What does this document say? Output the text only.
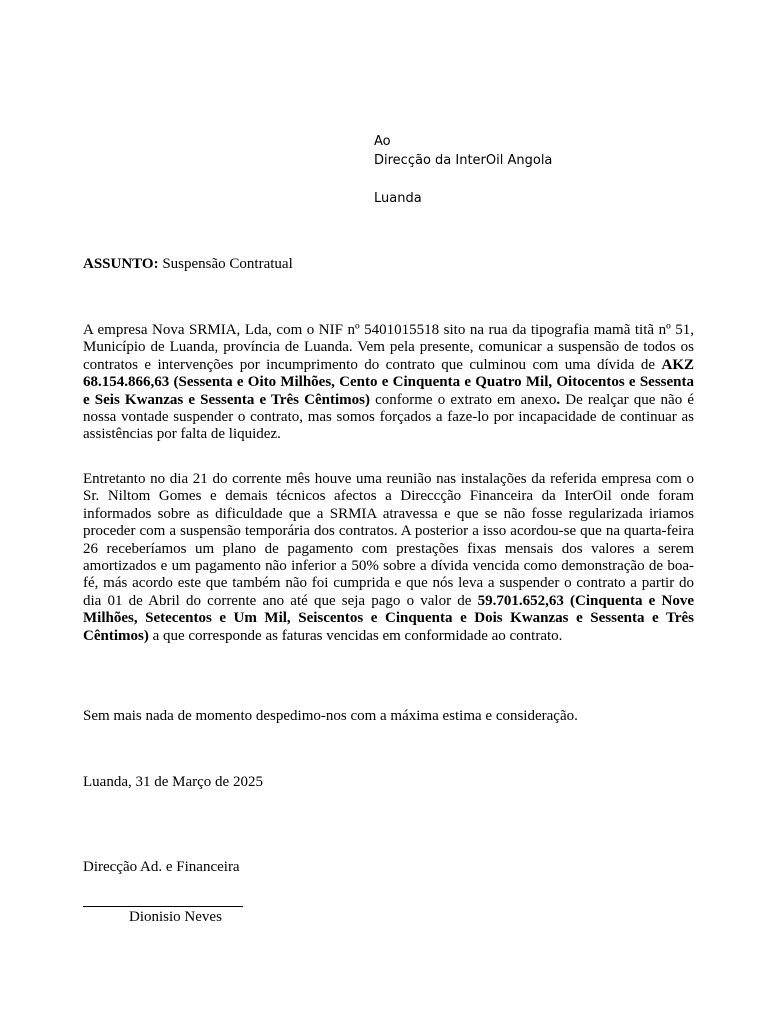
Ao
Direcção da InterOil Angola
Luanda
ASSUNTO: Suspensão Contratual

A empresa Nova SRMIA, Lda, com o NIF nº 5401015518 sito na rua da tipografia mamã titã nº 51, Município de Luanda, província de Luanda. Vem pela presente, comunicar a suspensão de todos os contratos e intervenções por incumprimento do contrato que culminou com uma dívida de AKZ 68.154.866,63 (Sessenta e Oito Milhões, Cento e Cinquenta e Quatro Mil, Oitocentos e Sessenta e Seis Kwanzas e Sessenta e Três Cêntimos) conforme o extrato em anexo. De realçar que não é nossa vontade suspender o contrato, mas somos forçados a faze-lo por incapacidade de continuar as assistências por falta de liquidez.

Entretanto no dia 21 do corrente mês houve uma reunião nas instalações da referida empresa com o Sr. Niltom Gomes e demais técnicos afectos a Direccção Financeira da InterOil onde foram informados sobre as dificuldade que a SRMIA atravessa e que se não fosse regularizada iriamos proceder com a suspensão temporária dos contratos. A posterior a isso acordou-se que na quarta-feira 26 receberíamos um plano de pagamento com prestações fixas mensais dos valores a serem amortizados e um pagamento não inferior a 50% sobre a dívida vencida como demonstração de boa-fé, más acordo este que também não foi cumprida e que nós leva a suspender o contrato a partir do dia 01 de Abril do corrente ano até que seja pago o valor de 59.701.652,63 (Cinquenta e Nove Milhões, Setecentos e Um Mil, Seiscentos e Cinquenta e Dois Kwanzas e Sessenta e Três Cêntimos) a que corresponde as faturas vencidas em conformidade ao contrato.

Sem mais nada de momento despedimo-nos com a máxima estima e consideração.

Luanda, 31 de Março de 2025
Direcção Ad. e Financeira
Dionisio Neves
